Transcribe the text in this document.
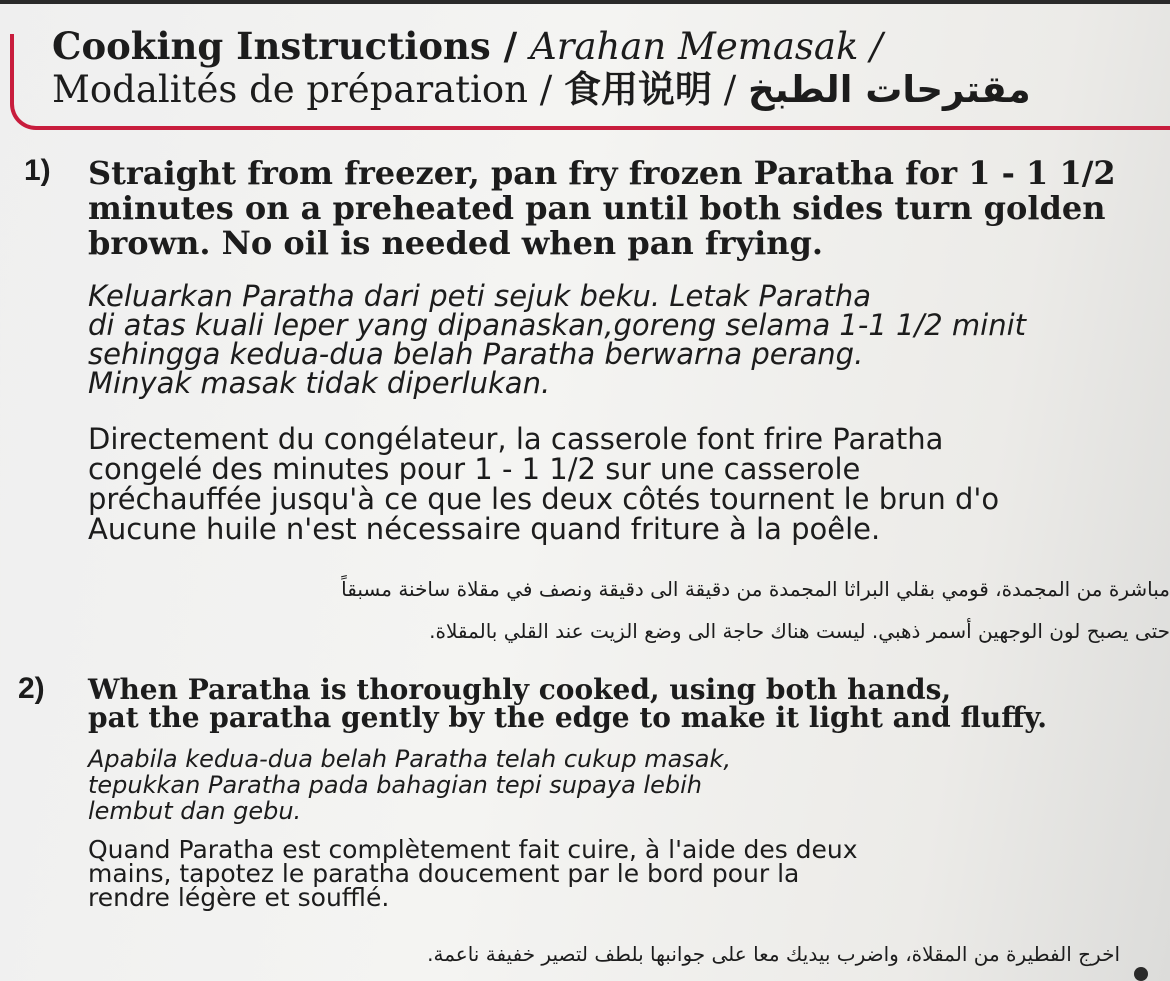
Cooking Instructions / Arahan Memasak /
Modalités de préparation / 食用说明 / مقترحات الطبخ
1) Straight from freezer, pan fry frozen Paratha for 1 - 1 1/2
minutes on a preheated pan until both sides turn golden
brown. No oil is needed when pan frying.
Keluarkan Paratha dari peti sejuk beku. Letak Paratha
di atas kuali leper yang dipanaskan,goreng selama 1-1 1/2 minit
sehingga kedua-dua belah Paratha berwarna perang.
Minyak masak tidak diperlukan.
Directement du congélateur, la casserole font frire Paratha
congelé des minutes pour 1 - 1 1/2 sur une casserole
préchauffée jusqu'à ce que les deux côtés tournent le brun d'o
Aucune huile n'est nécessaire quand friture à la poêle.
مباشرة من المجمدة، قومي بقلي البراثا المجمدة من دقيقة الى دقيقة ونصف في مقلاة ساخنة مسبقاً
حتى يصبح لون الوجهين أسمر ذهبي. ليست هناك حاجة الى وضع الزيت عند القلي بالمقلاة.
2) When Paratha is thoroughly cooked, using both hands,
pat the paratha gently by the edge to make it light and fluffy.
Apabila kedua-dua belah Paratha telah cukup masak,
tepukkan Paratha pada bahagian tepi supaya lebih
lembut dan gebu.
Quand Paratha est complètement fait cuire, à l'aide des deux
mains, tapotez le paratha doucement par le bord pour la
rendre légère et soufflé.
اخرج الفطيرة من المقلاة، واضرب بيديك معا على جوانبها بلطف لتصير خفيفة ناعمة.
